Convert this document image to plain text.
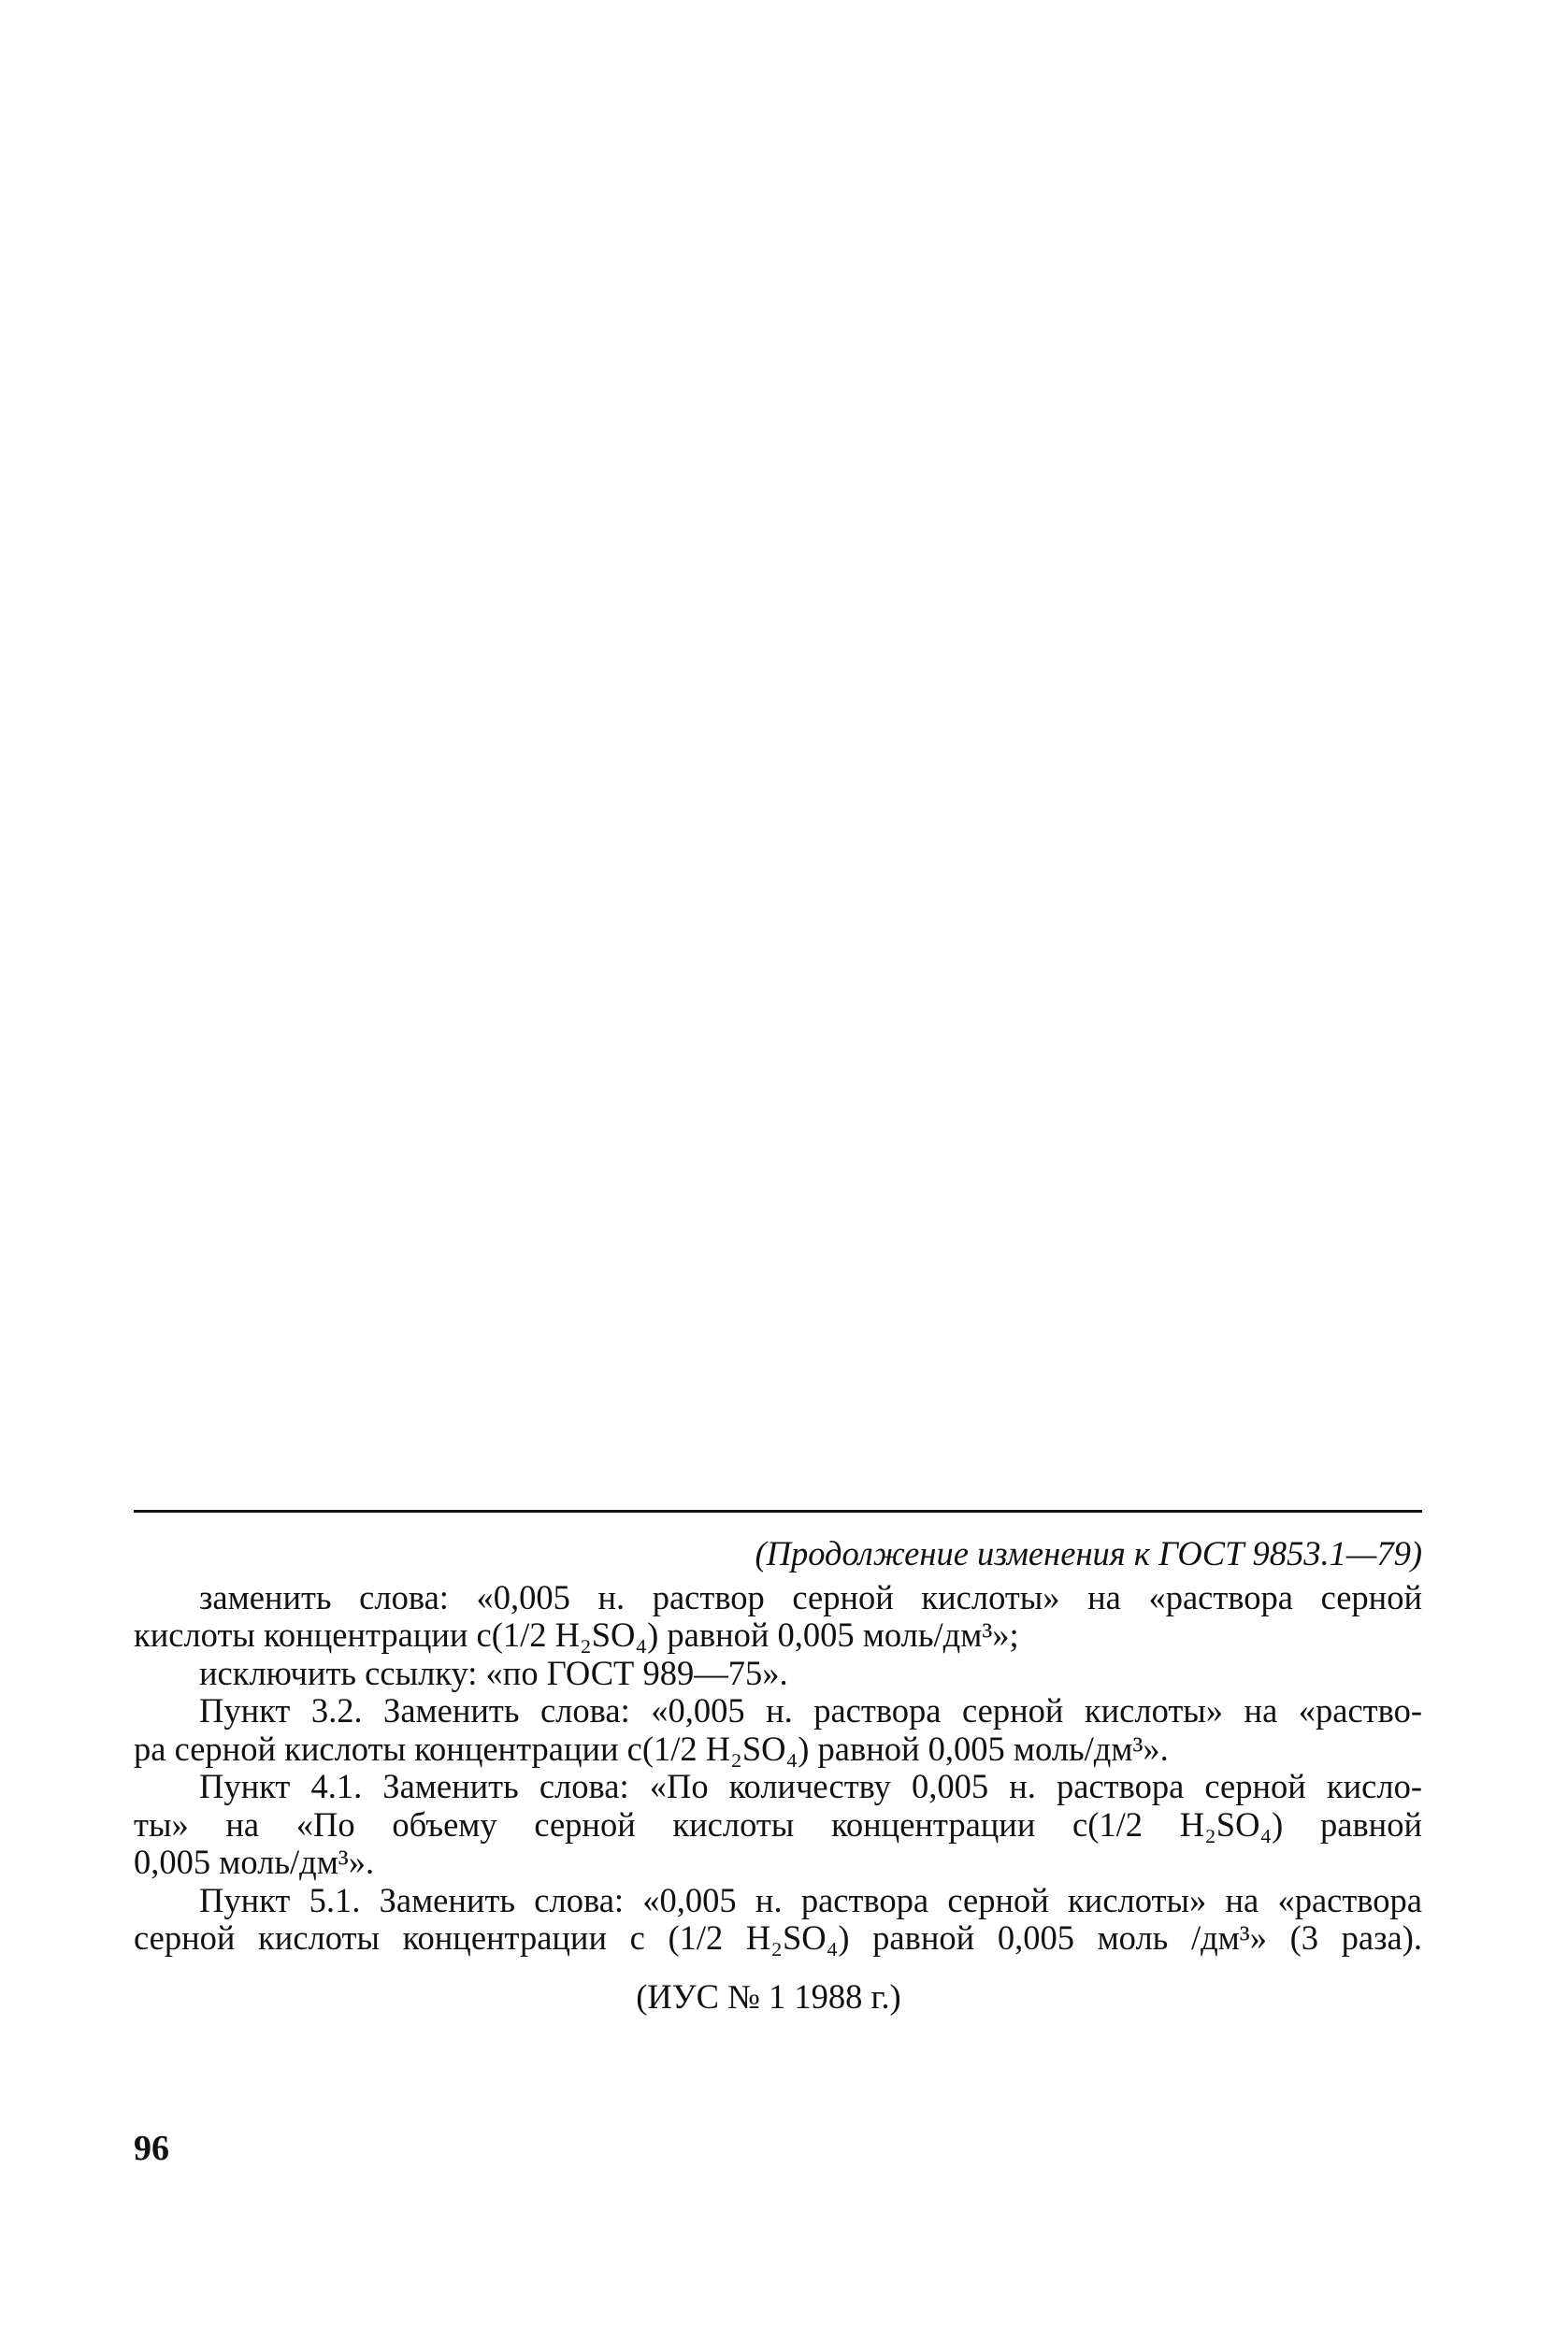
(Продолжение изменения к ГОСТ 9853.1—79)
заменить слова: «0,005 н. раствор серной кислоты» на «раствора серной
кислоты концентрации c(1/2 H₂SO₄) равной 0,005 моль/дм³»;
исключить ссылку: «по ГОСТ 989—75».
Пункт 3.2. Заменить слова: «0,005 н. раствора серной кислоты» на «раство-
ра серной кислоты концентрации c(1/2 H₂SO₄) равной 0,005 моль/дм³».
Пункт 4.1. Заменить слова: «По количеству 0,005 н. раствора серной кисло-
ты» на «По объему серной кислоты концентрации c(1/2 H₂SO₄) равной
0,005 моль/дм³».
Пункт 5.1. Заменить слова: «0,005 н. раствора серной кислоты» на «раствора
серной кислоты концентрации c (1/2 H₂SO₄) равной 0,005 моль /дм³» (3 раза).
(ИУС № 1 1988 г.)
96
